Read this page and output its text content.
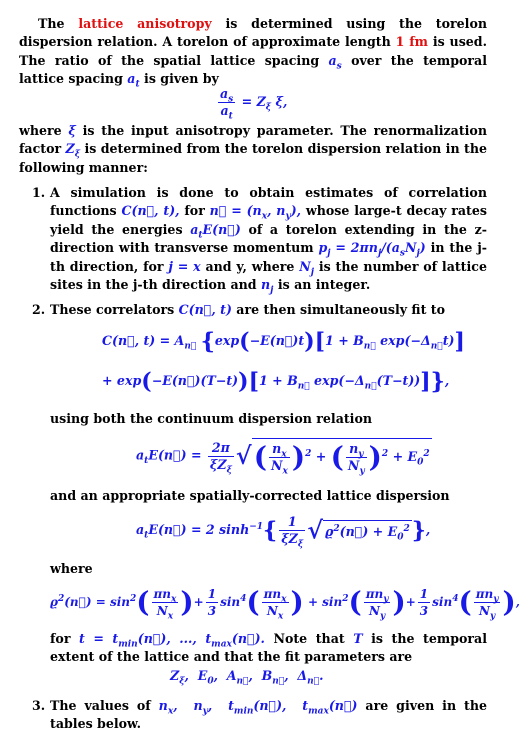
The lattice anisotropy is determined using the torelon dispersion relation. A torelon of approximate length 1 fm is used. The ratio of the spatial lattice spacing $a_s$ over the temporal lattice spacing $a_t$ is given by
$\frac{a_s}{a_t} = Z_\xi$ ξ,
where ξ is the input anisotropy parameter. The renormalization factor $Z_\xi$ is determined from the torelon dispersion relation in the following manner:
1. A simulation is done to obtain estimates of correlation functions C(n⃗, t), for n⃗ = ($n_x$, $n_y$), whose large-t decay rates yield the energies $a_tE(n⃗)$ of a torelon extending in the z-direction with transverse momentum $p_j = 2\pi n_j/(a_sN_j)$ in the j-th direction, for j = x and y, where $N_j$ is the number of lattice sites in the j-th direction and $n_j$ is an integer.
2. These correlators C(n⃗, t) are then simultaneously fit to
C(n⃗, $t) = A_{n⃗}$ {exp(−E(n⃗)t)[1 + $B_{n⃗}$ $\exp(-\Delta_{n⃗}t)$]
+ exp(−E(n⃗)(T−t))[1 + $B_{n⃗}$ $\exp(-\Delta_{n⃗}(T-t))$]},
using both the continuum dispersion relation
$a_tE(n⃗) = \frac{2\pi}{\xi Z_\xi}$ √( $\frac{n_x}{N_x} )^2$ + ( $\frac{n_y}{N_y} )^2 + E_0^2$
and an appropriate spatially-corrected lattice dispersion
$a_tE(n⃗) = 2$ $\sinh^{-1}\{ \frac{1}{\xi Z_\xi}$ √ $ϱ^2(n⃗) + E_0^2$},
where
$ϱ^2(n⃗) = \sin^2( \frac{\pi n_x}{N_x}$ )+ $\frac{1}{3} \sin^4( \frac{\pi n_x}{N_x}$ ) + $\sin^2( \frac{\pi n_y}{N_y}$ )+ $\frac{1}{3} \sin^4( \frac{\pi n_y}{N_y}$ ),
for $t = t_{min}(n⃗)$, ..., $t_{max}(n⃗)$. Note that T is the temporal extent of the lattice and that the fit parameters are
$Z_\xi$,  $E_0$,  $A_{n⃗}$,  $B_{n⃗}$,  $\Delta_{n⃗}$.
3. The values of $n_x$,  $n_y$,  $t_{min}(n⃗)$,  $t_{max}(n⃗)$ are given in the tables below.
